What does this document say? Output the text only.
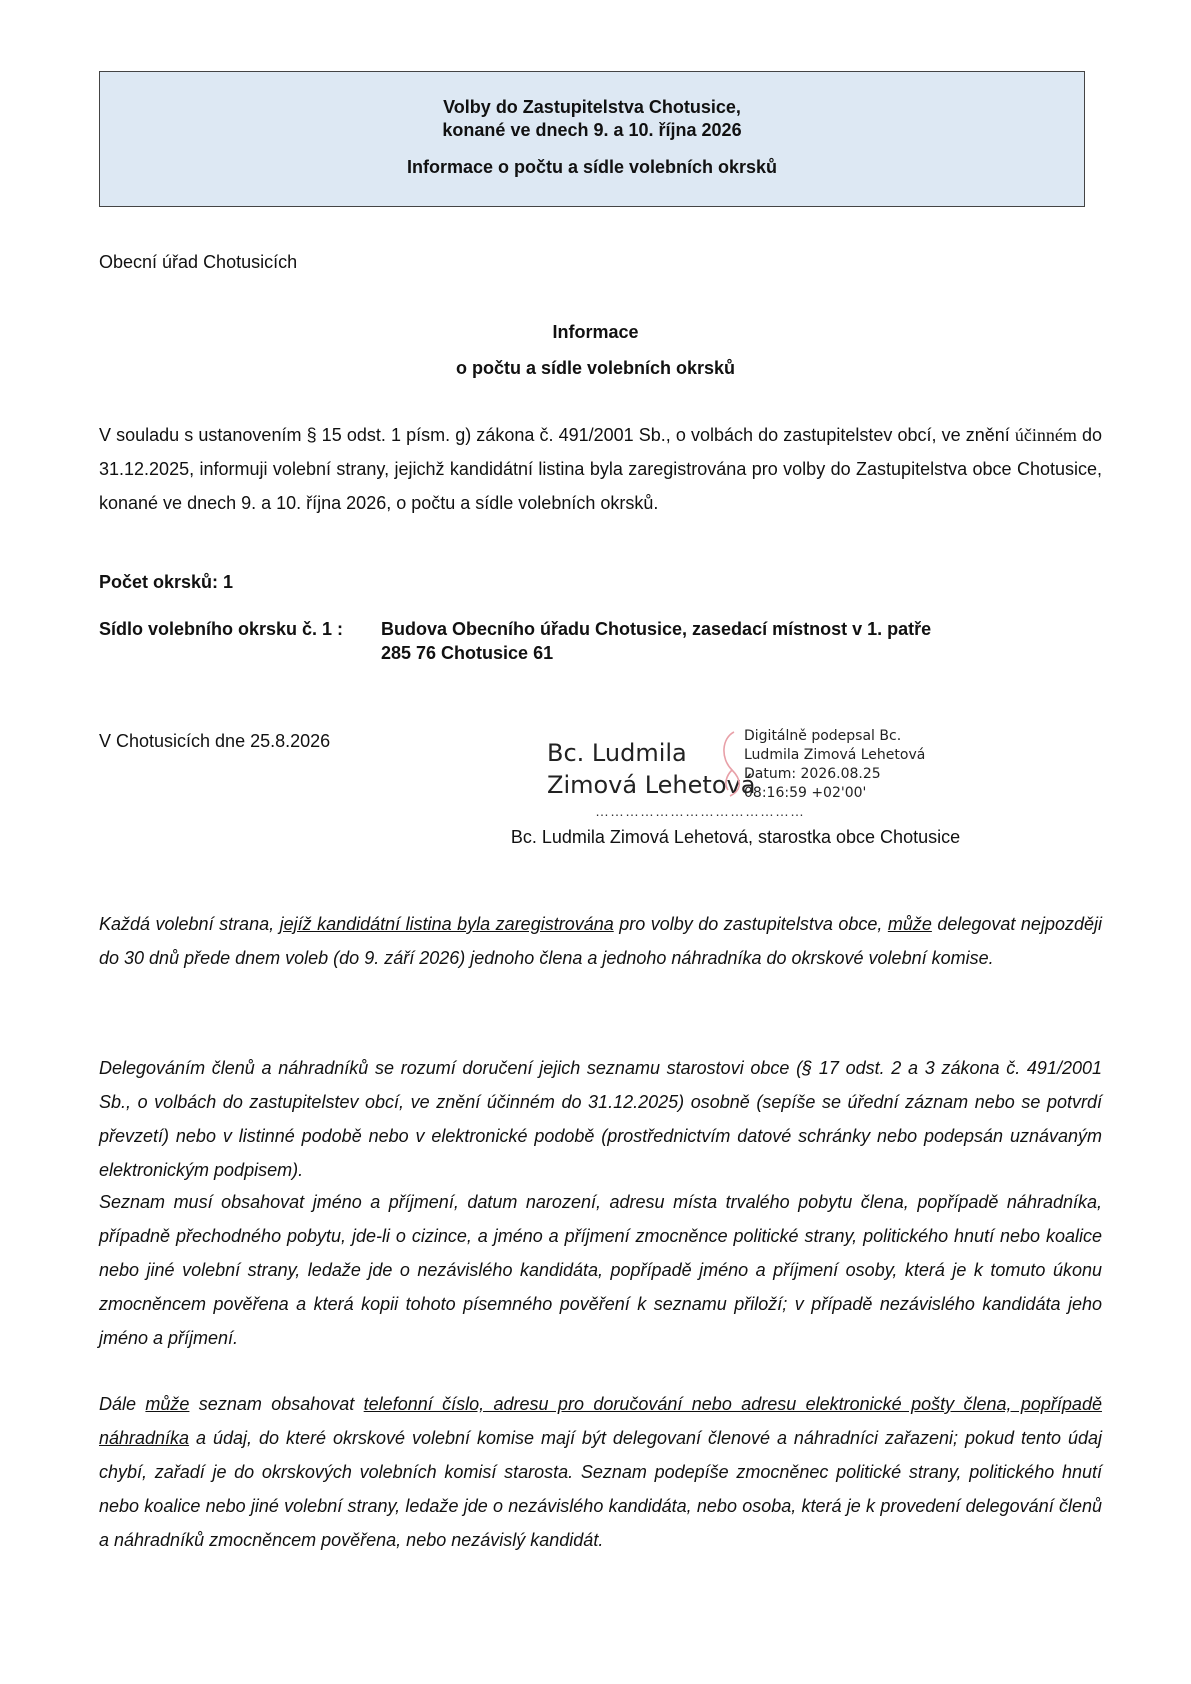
Volby do Zastupitelstva Chotusice,
konané ve dnech 9. a 10. října 2026
Informace o počtu a sídle volebních okrsků
Obecní úřad Chotusicích
Informace
o počtu a sídle volebních okrsků
V souladu s ustanovením § 15 odst. 1 písm. g) zákona č. 491/2001 Sb., o volbách do zastupitelstev obcí, ve znění účinném do 31.12.2025, informuji volební strany, jejichž kandidátní listina byla zaregistrována pro volby do Zastupitelstva obce Chotusice, konané ve dnech 9. a 10. října 2026, o počtu a sídle volebních okrsků.
Počet okrsků: 1
Sídlo volebního okrsku č. 1 : Budova Obecního úřadu Chotusice, zasedací místnost v 1. patře
285 76 Chotusice 61
V Chotusicích dne 25.8.2026	Bc. Ludmila
Zimová Lehetová
Digitálně podepsal Bc.
Ludmila Zimová Lehetová
Datum: 2026.08.25
08:16:59 +02'00'
……………………………………
Bc. Ludmila Zimová Lehetová, starostka obce Chotusice
Každá volební strana, jejíž kandidátní listina byla zaregistrována pro volby do zastupitelstva obce, může delegovat nejpozději do 30 dnů přede dnem voleb (do 9. září 2026) jednoho člena a jednoho náhradníka do okrskové volební komise.
Delegováním členů a náhradníků se rozumí doručení jejich seznamu starostovi obce (§ 17 odst. 2 a 3 zákona č. 491/2001 Sb., o volbách do zastupitelstev obcí, ve znění účinném do 31.12.2025) osobně (sepíše se úřední záznam nebo se potvrdí převzetí) nebo v listinné podobě nebo v elektronické podobě (prostřednictvím datové schránky nebo podepsán uznávaným elektronickým podpisem).
Seznam musí obsahovat jméno a příjmení, datum narození, adresu místa trvalého pobytu člena, popřípadě náhradníka, případně přechodného pobytu, jde-li o cizince, a jméno a příjmení zmocněnce politické strany, politického hnutí nebo koalice nebo jiné volební strany, ledaže jde o nezávislého kandidáta, popřípadě jméno a příjmení osoby, která je k tomuto úkonu zmocněncem pověřena a která kopii tohoto písemného pověření k seznamu přiloží; v případě nezávislého kandidáta jeho jméno a příjmení.
Dále může seznam obsahovat telefonní číslo, adresu pro doručování nebo adresu elektronické pošty člena, popřípadě náhradníka a údaj, do které okrskové volební komise mají být delegovaní členové a náhradníci zařazeni; pokud tento údaj chybí, zařadí je do okrskových volebních komisí starosta. Seznam podepíše zmocněnec politické strany, politického hnutí nebo koalice nebo jiné volební strany, ledaže jde o nezávislého kandidáta, nebo osoba, která je k provedení delegování členů a náhradníků zmocněncem pověřena, nebo nezávislý kandidát.
